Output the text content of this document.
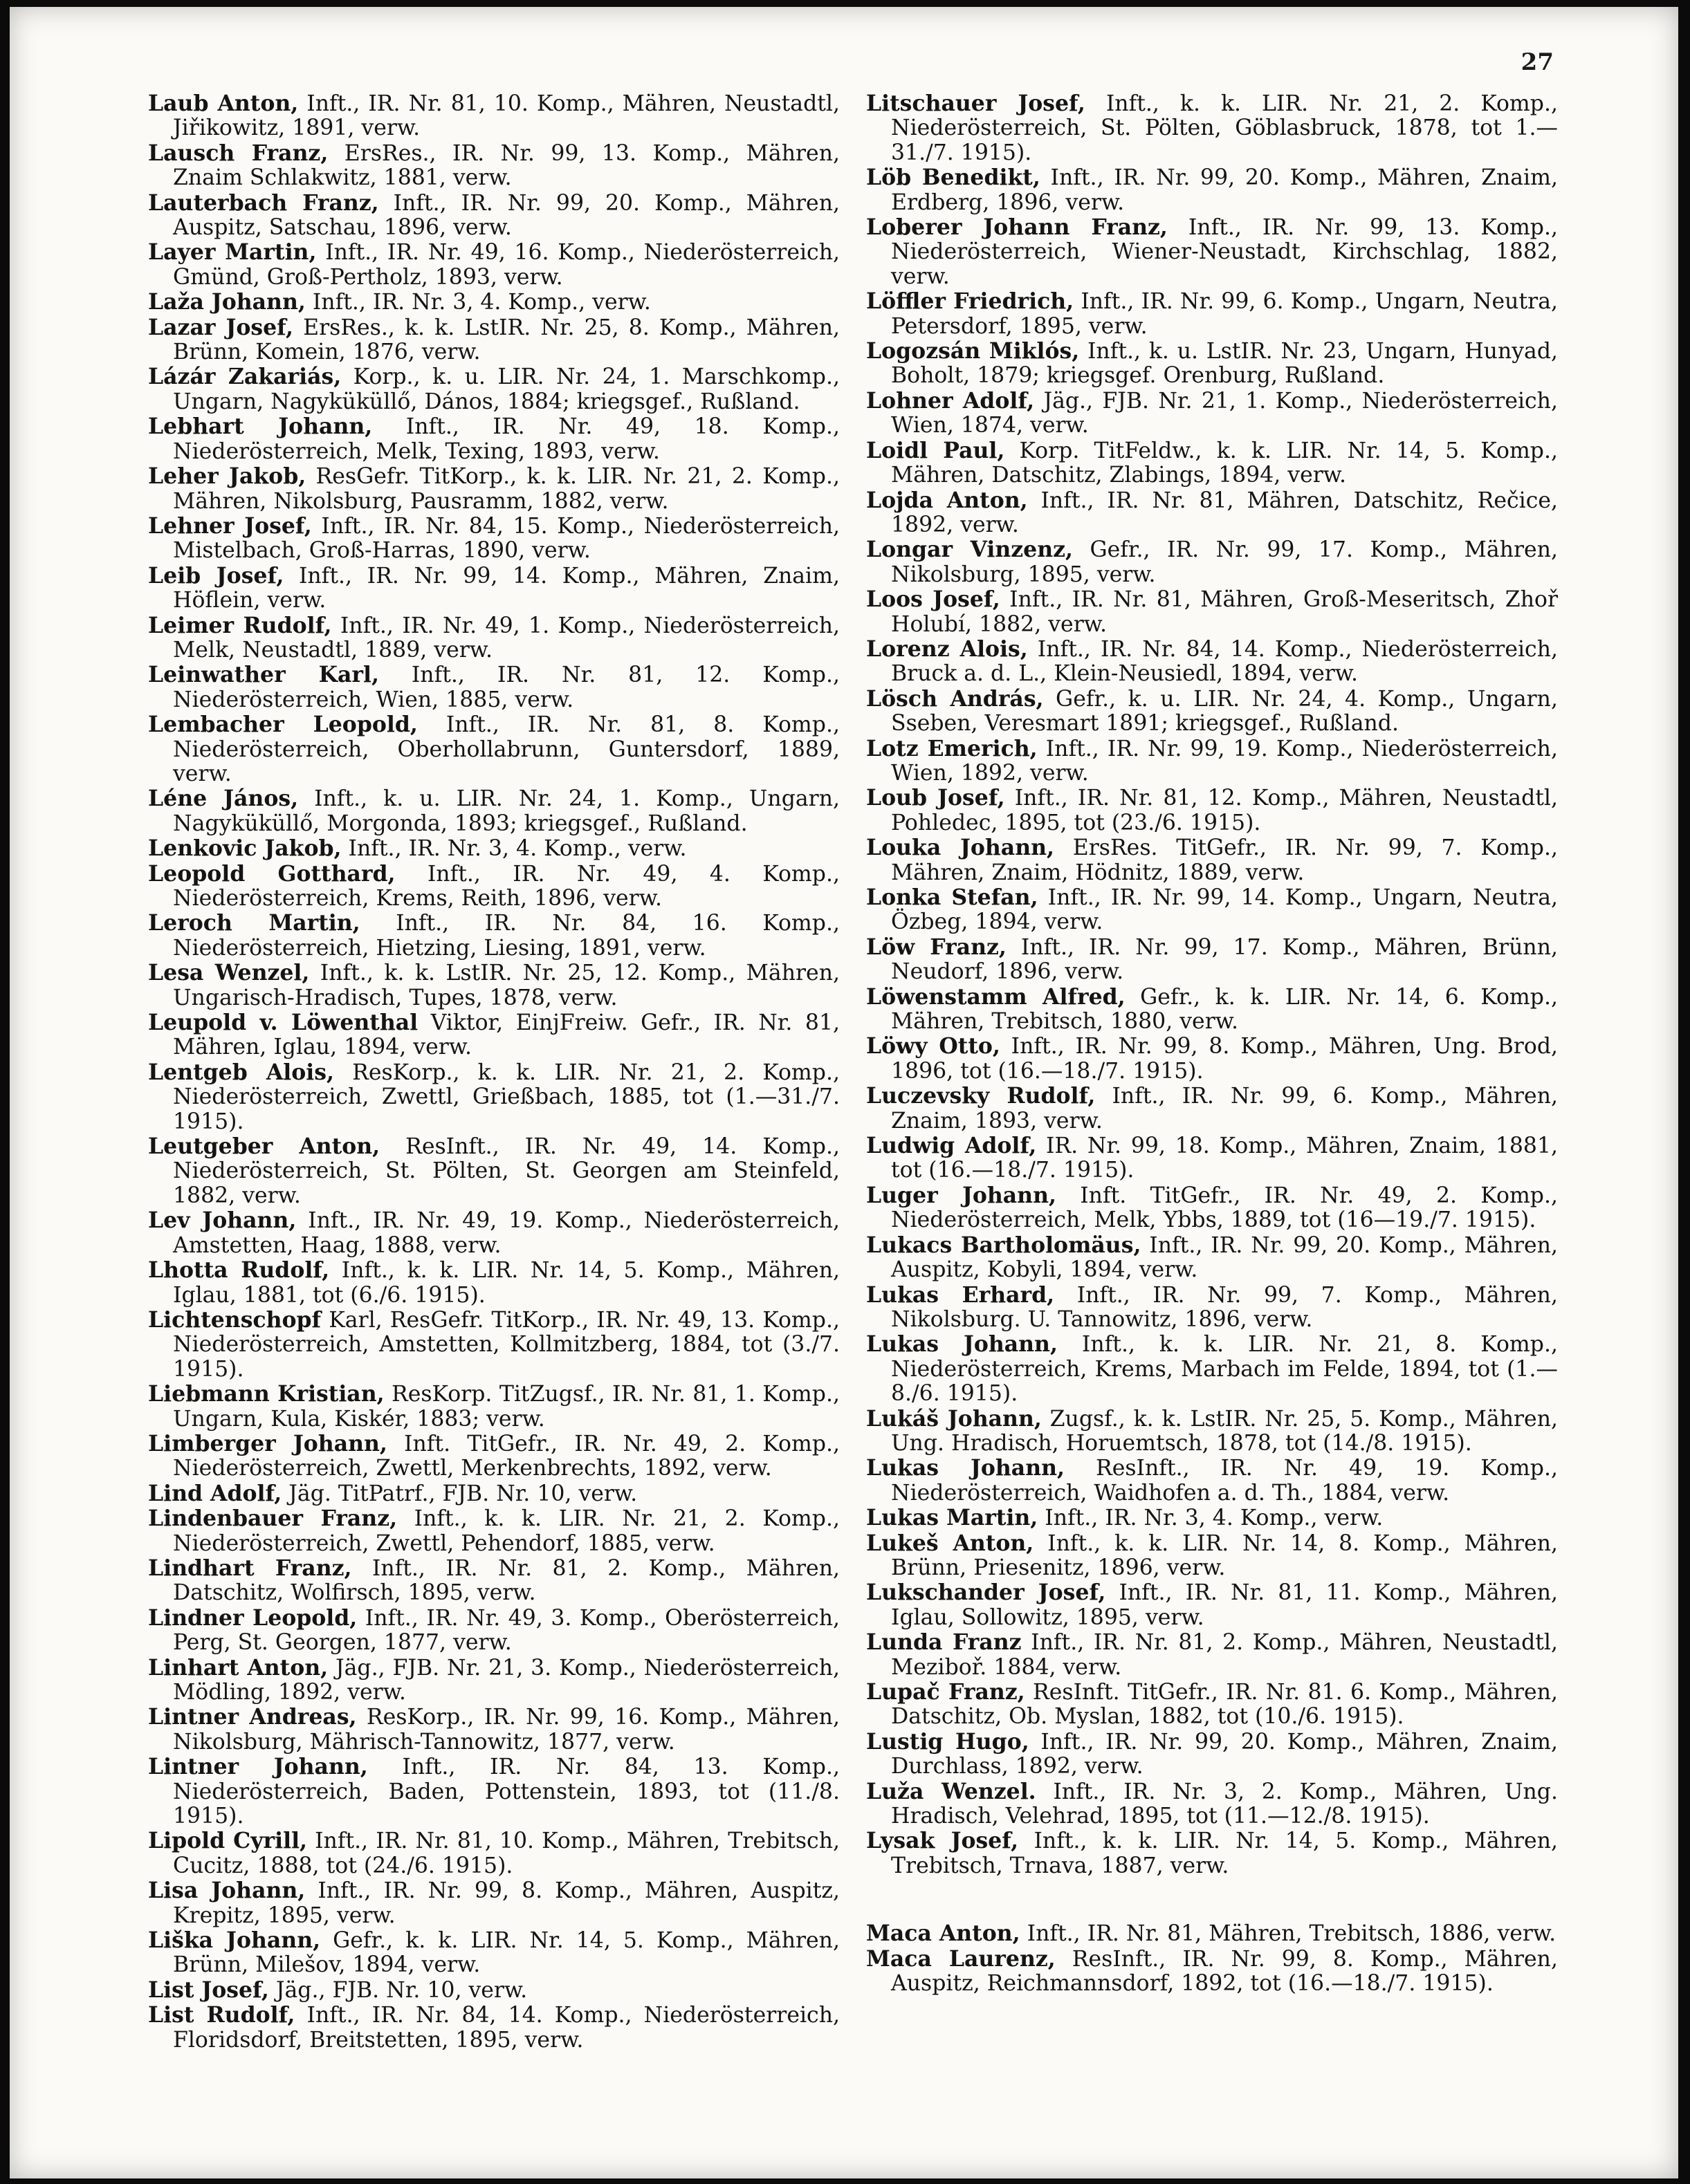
27

Laub Anton, Inft., IR. Nr. 81, 10. Komp., Mähren, Neustadtl, Jiřikowitz, 1891, verw.

Lausch Franz, ErsRes., IR. Nr. 99, 13. Komp., Mähren, Znaim Schlakwitz, 1881, verw.

Lauterbach Franz, Inft., IR. Nr. 99, 20. Komp., Mähren, Auspitz, Satschau, 1896, verw.

Layer Martin, Inft., IR. Nr. 49, 16. Komp., Niederösterreich, Gmünd, Groß-Pertholz, 1893, verw.

Laža Johann, Inft., IR. Nr. 3, 4. Komp., verw.

Lazar Josef, ErsRes., k. k. LstIR. Nr. 25, 8. Komp., Mähren, Brünn, Komein, 1876, verw.

Lázár Zakariás, Korp., k. u. LIR. Nr. 24, 1. Marschkomp., Ungarn, Nagyküküllő, Dános, 1884; kriegsgef., Rußland.

Lebhart Johann, Inft., IR. Nr. 49, 18. Komp., Niederösterreich, Melk, Texing, 1893, verw.

Leher Jakob, ResGefr. TitKorp., k. k. LIR. Nr. 21, 2. Komp., Mähren, Nikolsburg, Pausramm, 1882, verw.

Lehner Josef, Inft., IR. Nr. 84, 15. Komp., Niederösterreich, Mistelbach, Groß-Harras, 1890, verw.

Leib Josef, Inft., IR. Nr. 99, 14. Komp., Mähren, Znaim, Höflein, verw.

Leimer Rudolf, Inft., IR. Nr. 49, 1. Komp., Niederösterreich, Melk, Neustadtl, 1889, verw.

Leinwather Karl, Inft., IR. Nr. 81, 12. Komp., Niederösterreich, Wien, 1885, verw.

Lembacher Leopold, Inft., IR. Nr. 81, 8. Komp., Niederösterreich, Oberhollabrunn, Guntersdorf, 1889, verw.

Léne János, Inft., k. u. LIR. Nr. 24, 1. Komp., Ungarn, Nagyküküllő, Morgonda, 1893; kriegsgef., Rußland.

Lenkovic Jakob, Inft., IR. Nr. 3, 4. Komp., verw.

Leopold Gotthard, Inft., IR. Nr. 49, 4. Komp., Niederösterreich, Krems, Reith, 1896, verw.

Leroch Martin, Inft., IR. Nr. 84, 16. Komp., Niederösterreich, Hietzing, Liesing, 1891, verw.

Lesa Wenzel, Inft., k. k. LstIR. Nr. 25, 12. Komp., Mähren, Ungarisch-Hradisch, Tupes, 1878, verw.

Leupold v. Löwenthal Viktor, EinjFreiw. Gefr., IR. Nr. 81, Mähren, Iglau, 1894, verw.

Lentgeb Alois, ResKorp., k. k. LIR. Nr. 21, 2. Komp., Niederösterreich, Zwettl, Grießbach, 1885, tot (1.—31./7. 1915).

Leutgeber Anton, ResInft., IR. Nr. 49, 14. Komp., Niederösterreich, St. Pölten, St. Georgen am Steinfeld, 1882, verw.

Lev Johann, Inft., IR. Nr. 49, 19. Komp., Niederösterreich, Amstetten, Haag, 1888, verw.

Lhotta Rudolf, Inft., k. k. LIR. Nr. 14, 5. Komp., Mähren, Iglau, 1881, tot (6./6. 1915).

Lichtenschopf Karl, ResGefr. TitKorp., IR. Nr. 49, 13. Komp., Niederösterreich, Amstetten, Kollmitzberg, 1884, tot (3./7. 1915).

Liebmann Kristian, ResKorp. TitZugsf., IR. Nr. 81, 1. Komp., Ungarn, Kula, Kiskér, 1883; verw.

Limberger Johann, Inft. TitGefr., IR. Nr. 49, 2. Komp., Niederösterreich, Zwettl, Merkenbrechts, 1892, verw.

Lind Adolf, Jäg. TitPatrf., FJB. Nr. 10, verw.

Lindenbauer Franz, Inft., k. k. LIR. Nr. 21, 2. Komp., Niederösterreich, Zwettl, Pehendorf, 1885, verw.

Lindhart Franz, Inft., IR. Nr. 81, 2. Komp., Mähren, Datschitz, Wolfirsch, 1895, verw.

Lindner Leopold, Inft., IR. Nr. 49, 3. Komp., Oberösterreich, Perg, St. Georgen, 1877, verw.

Linhart Anton, Jäg., FJB. Nr. 21, 3. Komp., Niederösterreich, Mödling, 1892, verw.

Lintner Andreas, ResKorp., IR. Nr. 99, 16. Komp., Mähren, Nikolsburg, Mährisch-Tannowitz, 1877, verw.

Lintner Johann, Inft., IR. Nr. 84, 13. Komp., Niederösterreich, Baden, Pottenstein, 1893, tot (11./8. 1915).

Lipold Cyrill, Inft., IR. Nr. 81, 10. Komp., Mähren, Trebitsch, Cucitz, 1888, tot (24./6. 1915).

Lisa Johann, Inft., IR. Nr. 99, 8. Komp., Mähren, Auspitz, Krepitz, 1895, verw.

Liška Johann, Gefr., k. k. LIR. Nr. 14, 5. Komp., Mähren, Brünn, Milešov, 1894, verw.

List Josef, Jäg., FJB. Nr. 10, verw.

List Rudolf, Inft., IR. Nr. 84, 14. Komp., Niederösterreich, Floridsdorf, Breitstetten, 1895, verw.

Litschauer Josef, Inft., k. k. LIR. Nr. 21, 2. Komp., Niederösterreich, St. Pölten, Göblasbruck, 1878, tot 1.—31./7. 1915).

Löb Benedikt, Inft., IR. Nr. 99, 20. Komp., Mähren, Znaim, Erdberg, 1896, verw.

Loberer Johann Franz, Inft., IR. Nr. 99, 13. Komp., Niederösterreich, Wiener-Neustadt, Kirchschlag, 1882, verw.

Löffler Friedrich, Inft., IR. Nr. 99, 6. Komp., Ungarn, Neutra, Petersdorf, 1895, verw.

Logozsán Miklós, Inft., k. u. LstIR. Nr. 23, Ungarn, Hunyad, Boholt, 1879; kriegsgef. Orenburg, Rußland.

Lohner Adolf, Jäg., FJB. Nr. 21, 1. Komp., Niederösterreich, Wien, 1874, verw.

Loidl Paul, Korp. TitFeldw., k. k. LIR. Nr. 14, 5. Komp., Mähren, Datschitz, Zlabings, 1894, verw.

Lojda Anton, Inft., IR. Nr. 81, Mähren, Datschitz, Rečice, 1892, verw.

Longar Vinzenz, Gefr., IR. Nr. 99, 17. Komp., Mähren, Nikolsburg, 1895, verw.

Loos Josef, Inft., IR. Nr. 81, Mähren, Groß-Meseritsch, Zhoř Holubí, 1882, verw.

Lorenz Alois, Inft., IR. Nr. 84, 14. Komp., Niederösterreich, Bruck a. d. L., Klein-Neusiedl, 1894, verw.

Lösch András, Gefr., k. u. LIR. Nr. 24, 4. Komp., Ungarn, Sseben, Veresmart 1891; kriegsgef., Rußland.

Lotz Emerich, Inft., IR. Nr. 99, 19. Komp., Niederösterreich, Wien, 1892, verw.

Loub Josef, Inft., IR. Nr. 81, 12. Komp., Mähren, Neustadtl, Pohledec, 1895, tot (23./6. 1915).

Louka Johann, ErsRes. TitGefr., IR. Nr. 99, 7. Komp., Mähren, Znaim, Hödnitz, 1889, verw.

Lonka Stefan, Inft., IR. Nr. 99, 14. Komp., Ungarn, Neutra, Özbeg, 1894, verw.

Löw Franz, Inft., IR. Nr. 99, 17. Komp., Mähren, Brünn, Neudorf, 1896, verw.

Löwenstamm Alfred, Gefr., k. k. LIR. Nr. 14, 6. Komp., Mähren, Trebitsch, 1880, verw.

Löwy Otto, Inft., IR. Nr. 99, 8. Komp., Mähren, Ung. Brod, 1896, tot (16.—18./7. 1915).

Luczevsky Rudolf, Inft., IR. Nr. 99, 6. Komp., Mähren, Znaim, 1893, verw.

Ludwig Adolf, IR. Nr. 99, 18. Komp., Mähren, Znaim, 1881, tot (16.—18./7. 1915).

Luger Johann, Inft. TitGefr., IR. Nr. 49, 2. Komp., Niederösterreich, Melk, Ybbs, 1889, tot (16—19./7. 1915).

Lukacs Bartholomäus, Inft., IR. Nr. 99, 20. Komp., Mähren, Auspitz, Kobyli, 1894, verw.

Lukas Erhard, Inft., IR. Nr. 99, 7. Komp., Mähren, Nikolsburg. U. Tannowitz, 1896, verw.

Lukas Johann, Inft., k. k. LIR. Nr. 21, 8. Komp., Niederösterreich, Krems, Marbach im Felde, 1894, tot (1.—8./6. 1915).

Lukáš Johann, Zugsf., k. k. LstIR. Nr. 25, 5. Komp., Mähren, Ung. Hradisch, Horuemtsch, 1878, tot (14./8. 1915).

Lukas Johann, ResInft., IR. Nr. 49, 19. Komp., Niederösterreich, Waidhofen a. d. Th., 1884, verw.

Lukas Martin, Inft., IR. Nr. 3, 4. Komp., verw.

Lukeš Anton, Inft., k. k. LIR. Nr. 14, 8. Komp., Mähren, Brünn, Priesenitz, 1896, verw.

Lukschander Josef, Inft., IR. Nr. 81, 11. Komp., Mähren, Iglau, Sollowitz, 1895, verw.

Lunda Franz Inft., IR. Nr. 81, 2. Komp., Mähren, Neustadtl, Meziboř. 1884, verw.

Lupač Franz, ResInft. TitGefr., IR. Nr. 81. 6. Komp., Mähren, Datschitz, Ob. Myslan, 1882, tot (10./6. 1915).

Lustig Hugo, Inft., IR. Nr. 99, 20. Komp., Mähren, Znaim, Durchlass, 1892, verw.

Luža Wenzel. Inft., IR. Nr. 3, 2. Komp., Mähren, Ung. Hradisch, Velehrad, 1895, tot (11.—12./8. 1915).

Lysak Josef, Inft., k. k. LIR. Nr. 14, 5. Komp., Mähren, Trebitsch, Trnava, 1887, verw.

Maca Anton, Inft., IR. Nr. 81, Mähren, Trebitsch, 1886, verw.

Maca Laurenz, ResInft., IR. Nr. 99, 8. Komp., Mähren, Auspitz, Reichmannsdorf, 1892, tot (16.—18./7. 1915).
